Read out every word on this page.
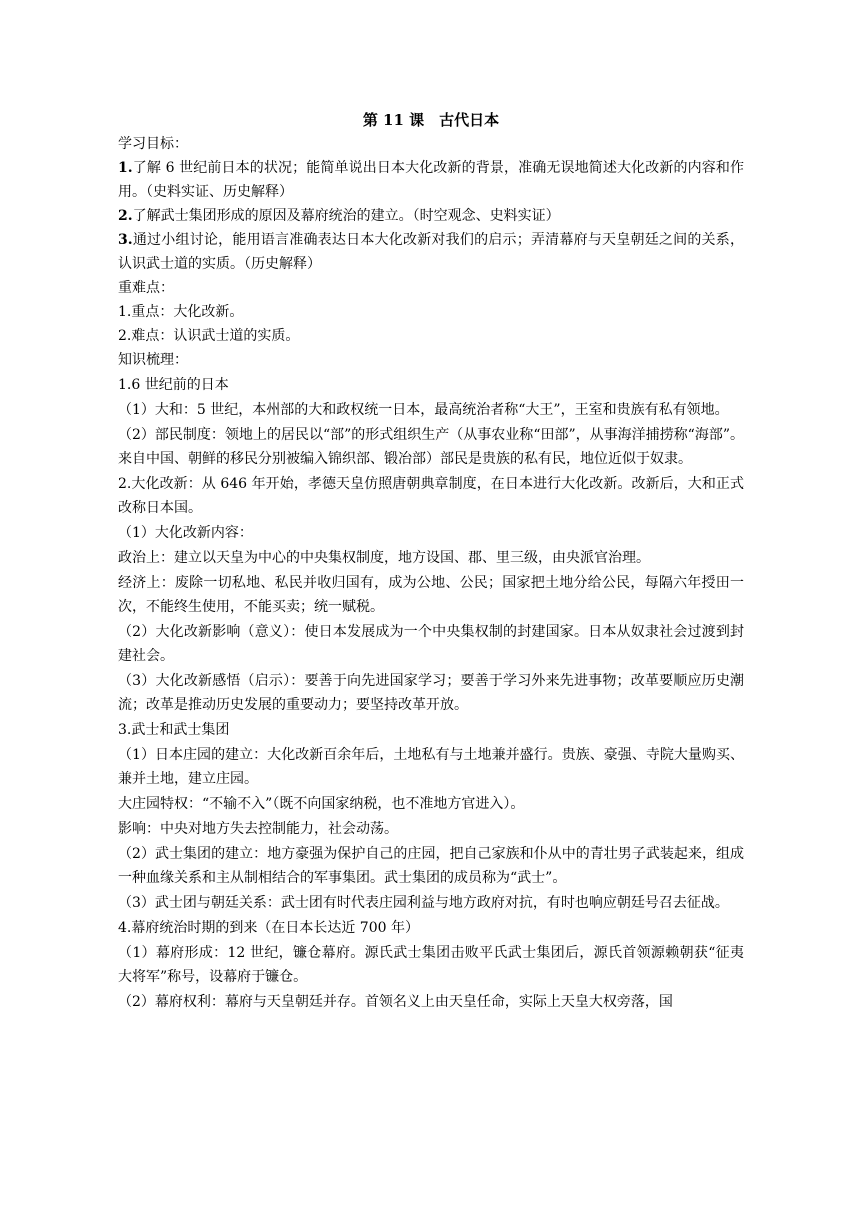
第 11 课　古代日本
学习目标：
1.了解 6 世纪前日本的状况；能简单说出日本大化改新的背景，准确无误地简述大化改新的内容和作用。（史料实证、历史解释）
2.了解武士集团形成的原因及幕府统治的建立。（时空观念、史料实证）
3.通过小组讨论，能用语言准确表达日本大化改新对我们的启示；弄清幕府与天皇朝廷之间的关系，认识武士道的实质。（历史解释）
重难点：
1.重点：大化改新。
2.难点：认识武士道的实质。
知识梳理：
1.6 世纪前的日本
（1）大和：5 世纪，本州部的大和政权统一日本，最高统治者称“大王”，王室和贵族有私有领地。
（2）部民制度：领地上的居民以“部”的形式组织生产（从事农业称“田部”，从事海洋捕捞称“海部”。来自中国、朝鲜的移民分别被编入锦织部、锻冶部）部民是贵族的私有民，地位近似于奴隶。
2.大化改新：从 646 年开始，孝德天皇仿照唐朝典章制度，在日本进行大化改新。改新后，大和正式改称日本国。
（1）大化改新内容：
政治上：建立以天皇为中心的中央集权制度，地方设国、郡、里三级，由央派官治理。
经济上：废除一切私地、私民并收归国有，成为公地、公民；国家把土地分给公民，每隔六年授田一次，不能终生使用，不能买卖；统一赋税。
（2）大化改新影响（意义）：使日本发展成为一个中央集权制的封建国家。日本从奴隶社会过渡到封建社会。
（3）大化改新感悟（启示）：要善于向先进国家学习；要善于学习外来先进事物；改革要顺应历史潮流；改革是推动历史发展的重要动力；要坚持改革开放。
3.武士和武士集团
（1）日本庄园的建立：大化改新百余年后，土地私有与土地兼并盛行。贵族、豪强、寺院大量购买、兼并土地，建立庄园。
大庄园特权：“不输不入”（既不向国家纳税，也不准地方官进入）。
影响：中央对地方失去控制能力，社会动荡。
（2）武士集团的建立：地方豪强为保护自己的庄园，把自己家族和仆从中的青壮男子武装起来，组成一种血缘关系和主从制相结合的军事集团。武士集团的成员称为“武士”。
（3）武士团与朝廷关系：武士团有时代表庄园利益与地方政府对抗，有时也响应朝廷号召去征战。
4.幕府统治时期的到来（在日本长达近 700 年）
（1）幕府形成：12 世纪，镰仓幕府。源氏武士集团击败平氏武士集团后，源氏首领源赖朝获“征夷大将军”称号，设幕府于镰仓。
（2）幕府权利：幕府与天皇朝廷并存。首领名义上由天皇任命，实际上天皇大权旁落，国
